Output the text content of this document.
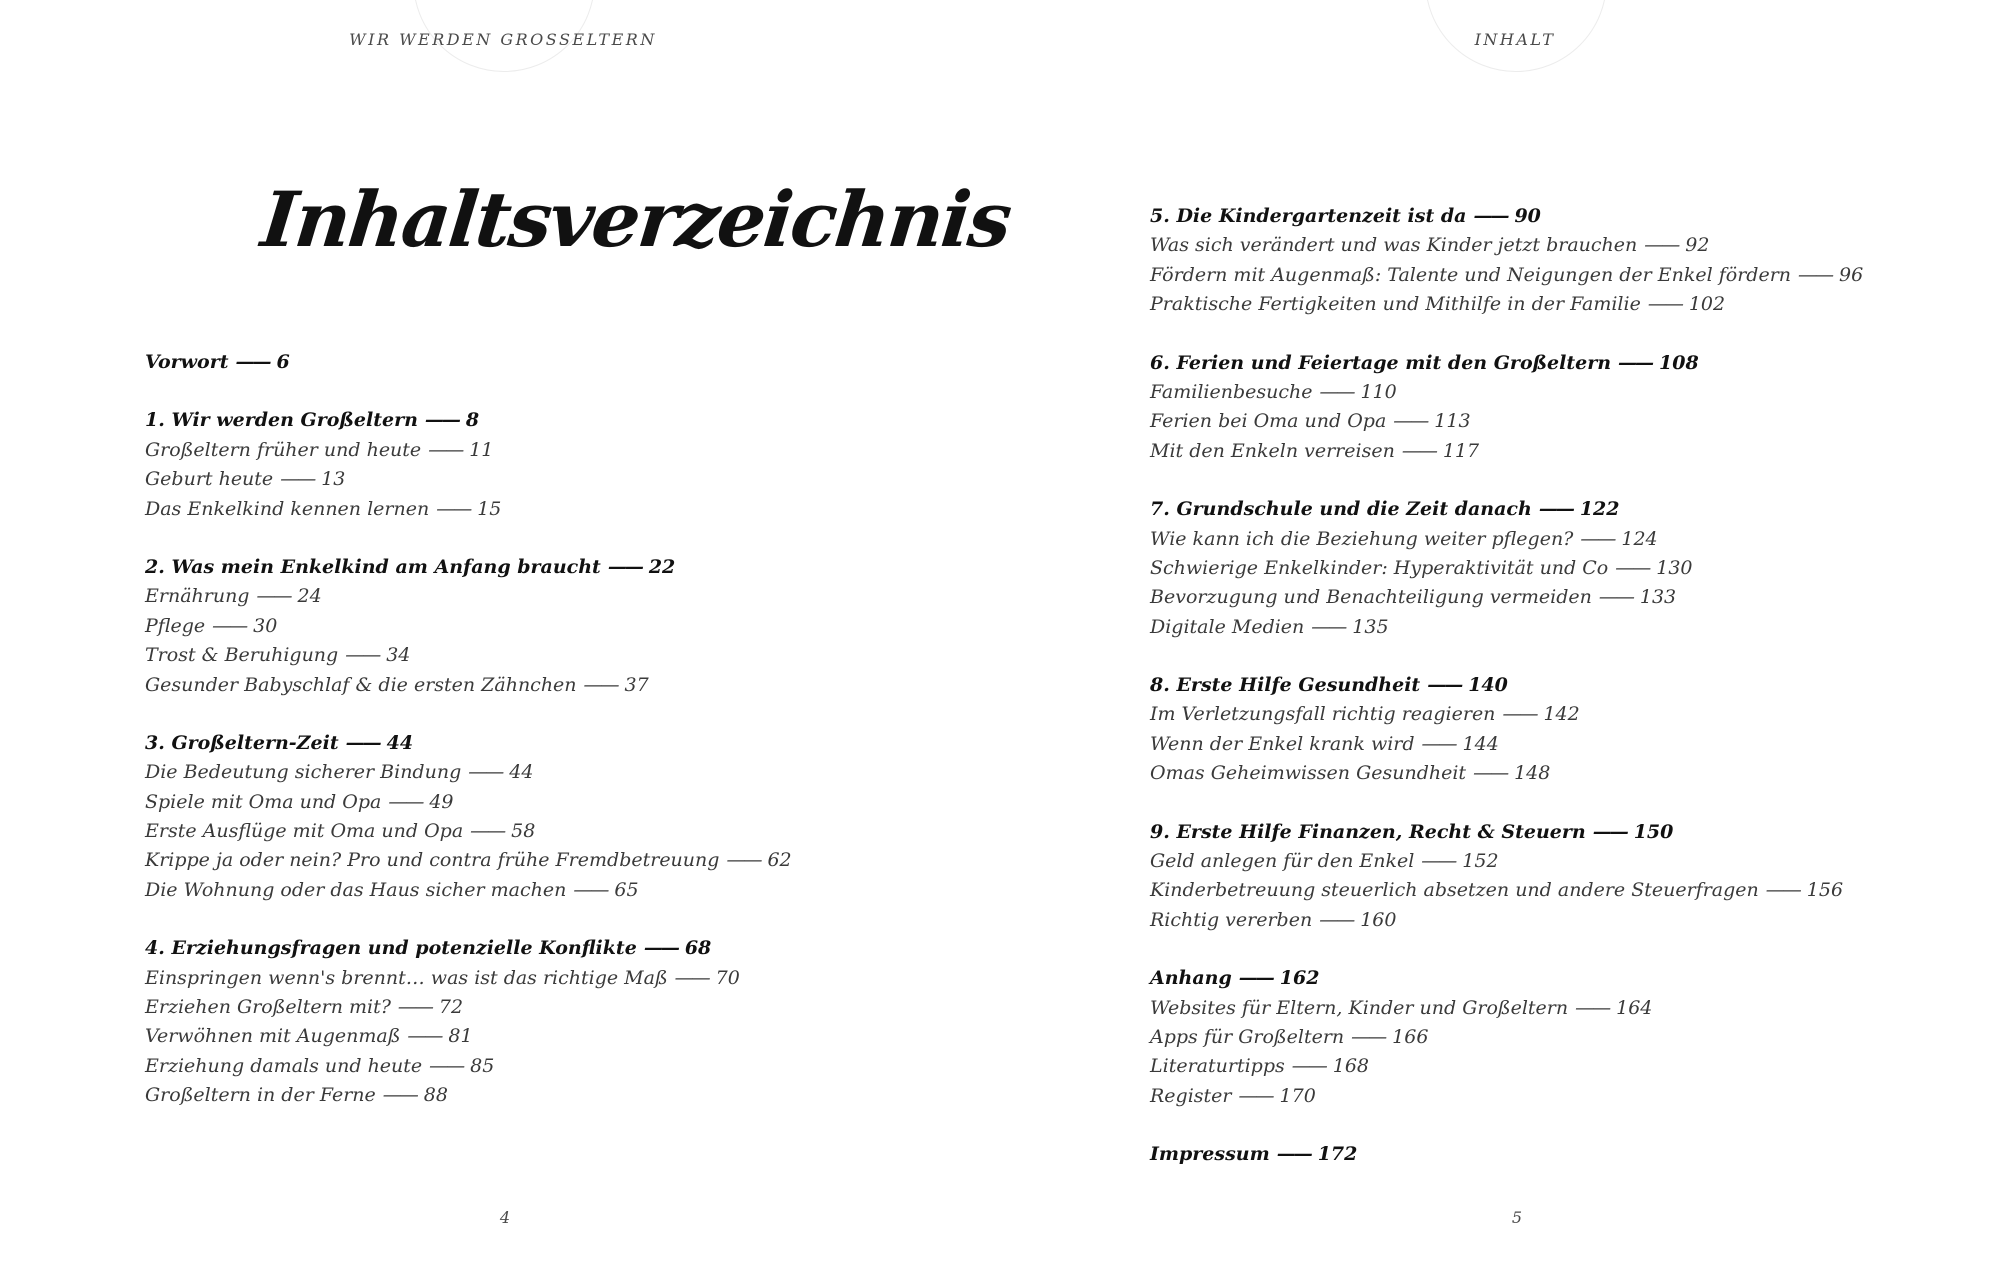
WIR WERDEN GROSSELTERN
Inhaltsverzeichnis
Vorwort —— 6
1. Wir werden Großeltern —— 8
Großeltern früher und heute —— 11
Geburt heute —— 13
Das Enkelkind kennen lernen —— 15
2. Was mein Enkelkind am Anfang braucht —— 22
Ernährung —— 24
Pflege —— 30
Trost & Beruhigung —— 34
Gesunder Babyschlaf & die ersten Zähnchen —— 37
3. Großeltern-Zeit —— 44
Die Bedeutung sicherer Bindung —— 44
Spiele mit Oma und Opa —— 49
Erste Ausflüge mit Oma und Opa —— 58
Krippe ja oder nein? Pro und contra frühe Fremdbetreuung —— 62
Die Wohnung oder das Haus sicher machen —— 65
4. Erziehungsfragen und potenzielle Konflikte —— 68
Einspringen wenn's brennt… was ist das richtige Maß —— 70
Erziehen Großeltern mit? —— 72
Verwöhnen mit Augenmaß —— 81
Erziehung damals und heute —— 85
Großeltern in der Ferne —— 88
4
INHALT
5. Die Kindergartenzeit ist da —— 90
Was sich verändert und was Kinder jetzt brauchen —— 92
Fördern mit Augenmaß: Talente und Neigungen der Enkel fördern —— 96
Praktische Fertigkeiten und Mithilfe in der Familie —— 102
6. Ferien und Feiertage mit den Großeltern —— 108
Familienbesuche —— 110
Ferien bei Oma und Opa —— 113
Mit den Enkeln verreisen —— 117
7. Grundschule und die Zeit danach —— 122
Wie kann ich die Beziehung weiter pflegen? —— 124
Schwierige Enkelkinder: Hyperaktivität und Co —— 130
Bevorzugung und Benachteiligung vermeiden —— 133
Digitale Medien —— 135
8. Erste Hilfe Gesundheit —— 140
Im Verletzungsfall richtig reagieren —— 142
Wenn der Enkel krank wird —— 144
Omas Geheimwissen Gesundheit —— 148
9. Erste Hilfe Finanzen, Recht & Steuern —— 150
Geld anlegen für den Enkel —— 152
Kinderbetreuung steuerlich absetzen und andere Steuerfragen —— 156
Richtig vererben —— 160
Anhang —— 162
Websites für Eltern, Kinder und Großeltern —— 164
Apps für Großeltern —— 166
Literaturtipps —— 168
Register —— 170
Impressum —— 172
5
